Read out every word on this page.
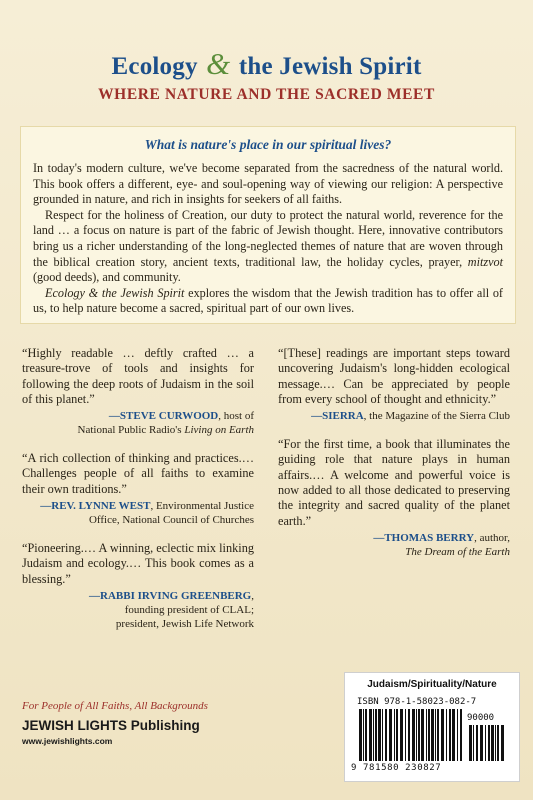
Ecology & the Jewish Spirit
WHERE NATURE AND THE SACRED MEET
What is nature's place in our spiritual lives?

In today's modern culture, we've become separated from the sacredness of the natural world. This book offers a different, eye- and soul-opening way of viewing our religion: A perspective grounded in nature, and rich in insights for seekers of all faiths.

Respect for the holiness of Creation, our duty to protect the natural world, reverence for the land … a focus on nature is part of the fabric of Jewish thought. Here, innovative contributors bring us a richer understanding of the long-neglected themes of nature that are woven through the biblical creation story, ancient texts, traditional law, the holiday cycles, prayer, mitzvot (good deeds), and community.

Ecology & the Jewish Spirit explores the wisdom that the Jewish tradition has to offer all of us, to help nature become a sacred, spiritual part of our own lives.

“Highly readable … deftly crafted … a treasure-trove of tools and insights for following the deep roots of Judaism in the soil of this planet.”
—STEVE CURWOOD, host of
National Public Radio's Living on Earth
“A rich collection of thinking and practices.… Challenges people of all faiths to examine their own traditions.”
—REV. LYNNE WEST, Environmental Justice
Office, National Council of Churches
“Pioneering.… A winning, eclectic mix linking Judaism and ecology.… This book comes as a blessing.”
—RABBI IRVING GREENBERG,
founding president of CLAL;
president, Jewish Life Network
“[These] readings are important steps toward uncovering Judaism's long-hidden ecological message.… Can be appreciated by people from every school of thought and ethnicity.”
—SIERRA, the Magazine of the Sierra Club
“For the first time, a book that illuminates the guiding role that nature plays in human affairs.… A welcome and powerful voice is now added to all those dedicated to preserving the integrity and sacred quality of the planet earth.”
—THOMAS BERRY, author,
The Dream of the Earth
For People of All Faiths, All Backgrounds
JEWISH LIGHTS Publishing
www.jewishlights.com
Judaism/Spirituality/Nature
ISBN 978-1-58023-082-7
90000
9 781580 230827
